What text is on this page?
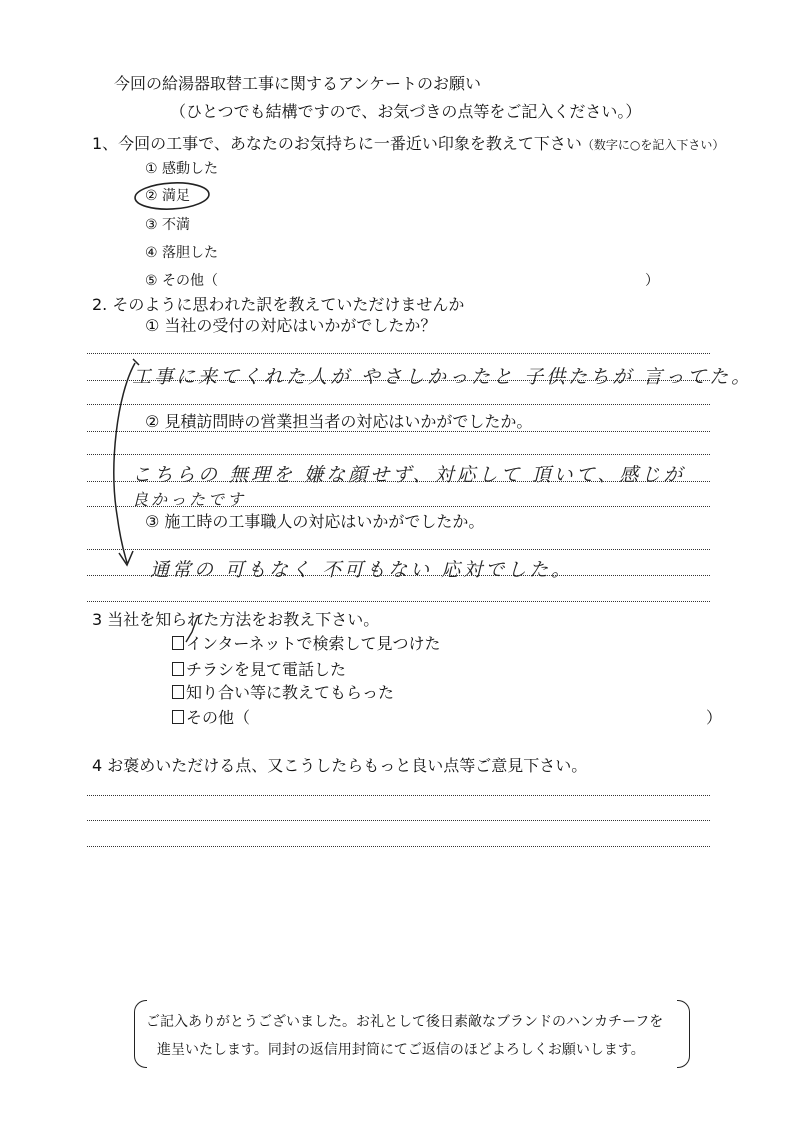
今回の給湯器取替工事に関するアンケートのお願い
（ひとつでも結構ですので、お気づきの点等をご記入ください。）
1、今回の工事で、あなたのお気持ちに一番近い印象を教えて下さい（数字に○を記入下さい）
① 感動した
② 満足
③ 不満
④ 落胆した
⑤ その他（	）
2. そのように思われた訳を教えていただけませんか
① 当社の受付の対応はいかがでしたか？
工事に来てくれた人が やさしかったと 子供たちが 言ってた。
② 見積訪問時の営業担当者の対応はいかがでしたか。
こちらの 無理を 嫌な顔せず、対応して 頂いて、感じが
良かったです
③ 施工時の工事職人の対応はいかがでしたか。
通常の 可もなく 不可もない 応対でした。
3 当社を知られた方法をお教え下さい。
インターネットで検索して見つけた
チラシを見て電話した
知り合い等に教えてもらった
その他（	）
4 お褒めいただける点、又こうしたらもっと良い点等ご意見下さい。
ご記入ありがとうございました。お礼として後日素敵なブランドのハンカチーフを
進呈いたします。同封の返信用封筒にてご返信のほどよろしくお願いします。
